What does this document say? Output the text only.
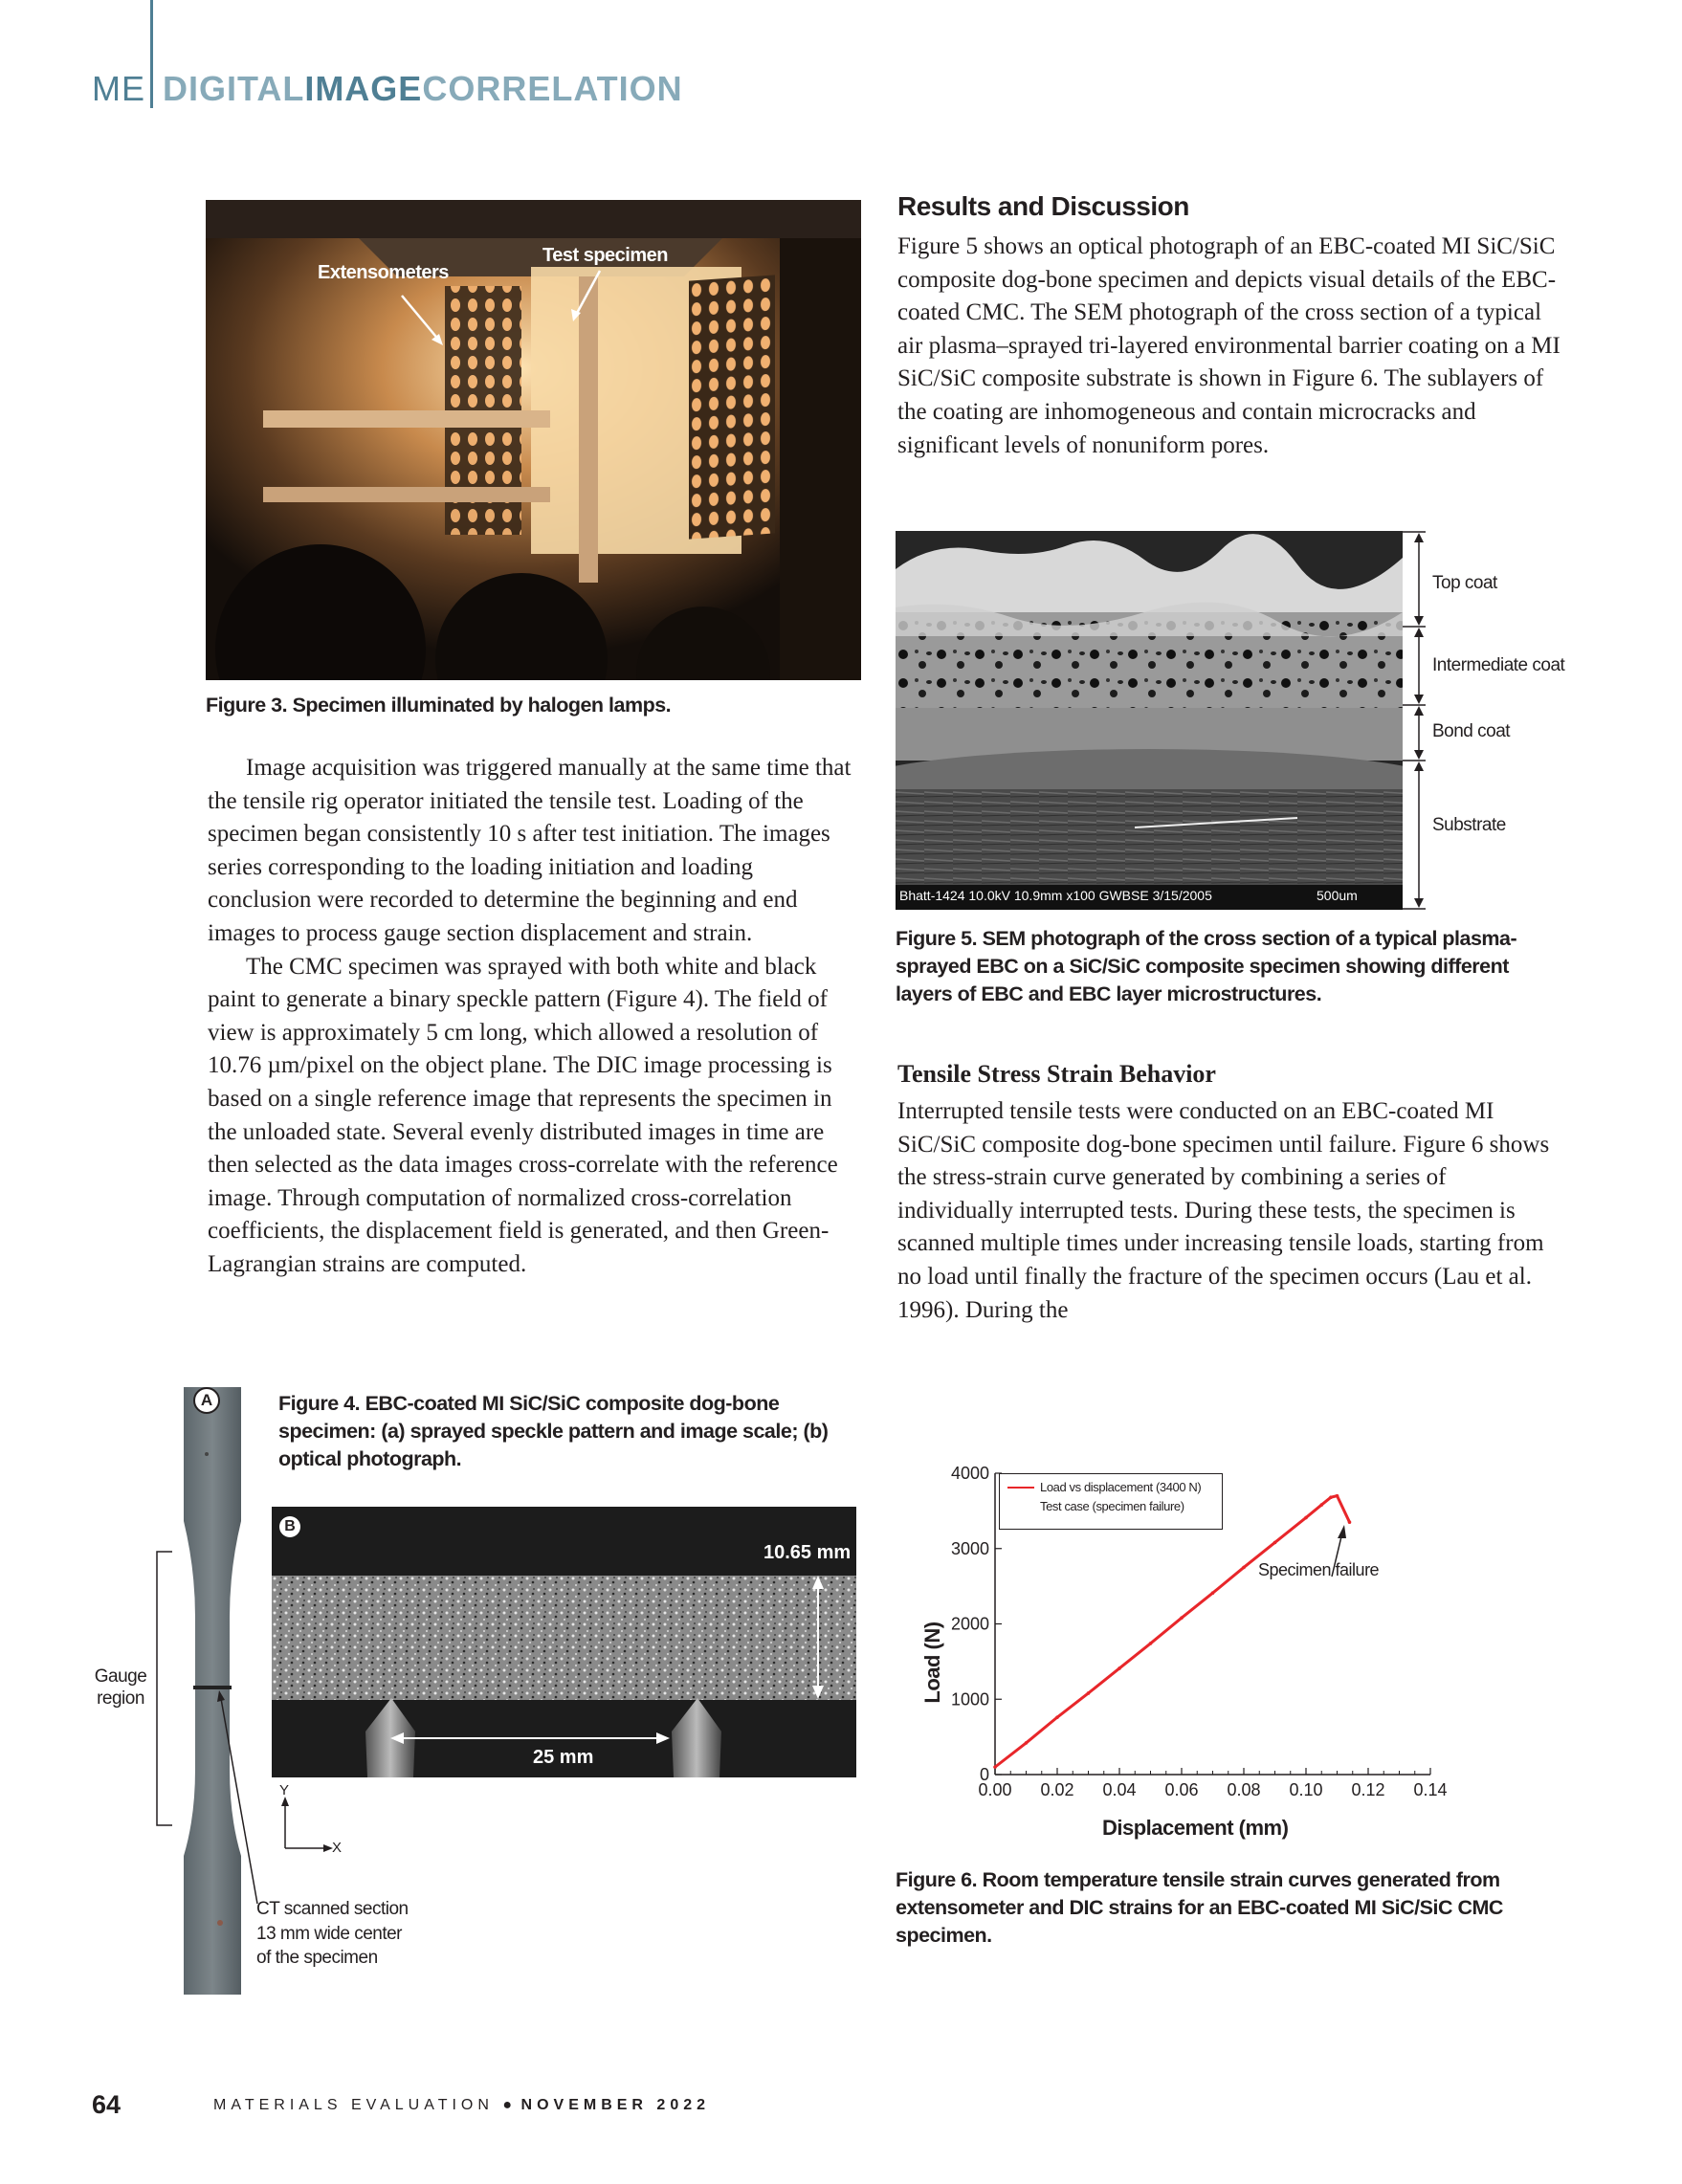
ME DIGITALIMAGECORRELATION
Extensometers
Test specimen
Figure 3. Specimen illuminated by halogen lamps.

Image acquisition was triggered manually at the same time that the tensile rig operator initiated the tensile test. Loading of the specimen began consistently 10 s after test initiation. The images series corresponding to the loading initiation and loading conclusion were recorded to determine the beginning and end images to process gauge section displacement and strain.

The CMC specimen was sprayed with both white and black paint to generate a binary speckle pattern (Figure 4). The field of view is approximately 5 cm long, which allowed a resolution of 10.76 µm/pixel on the object plane. The DIC image processing is based on a single reference image that represents the specimen in the unloaded state. Several evenly distributed images in time are then selected as the data images cross-correlate with the reference image. Through computation of normalized cross-correlation coefficients, the displacement field is generated, and then Green-Lagrangian strains are computed.

Results and Discussion
Figure 5 shows an optical photograph of an EBC-coated MI SiC/SiC composite dog-bone specimen and depicts visual details of the EBC-coated CMC. The SEM photograph of the cross section of a typical air plasma–sprayed tri-layered environmental barrier coating on a MI SiC/SiC composite substrate is shown in Figure 6. The sublayers of the coating are inhomogeneous and contain microcracks and significant levels of nonuniform pores.
Bhatt-1424 10.0kV 10.9mm x100 GWBSE 3/15/2005	500um
Top coat
Intermediate coat
Bond coat
Substrate
Figure 5. SEM photograph of the cross section of a typical plasma-sprayed EBC on a SiC/SiC composite specimen showing different layers of EBC and EBC layer microstructures.
Tensile Stress Strain Behavior
Interrupted tensile tests were conducted on an EBC-coated MI SiC/SiC composite dog-bone specimen until failure. Figure 6 shows the stress-strain curve generated by combining a series of individually interrupted tests. During these tests, the specimen is scanned multiple times under increasing tensile loads, starting from no load until finally the fracture of the specimen occurs (Lau et al. 1996). During the
A
Gauge region
CT scanned section 13 mm wide center of the specimen
Figure 4. EBC-coated MI SiC/SiC composite dog-bone specimen: (a) sprayed speckle pattern and image scale; (b) optical photograph.
B
10.65 mm
25 mm
Y
X
0.00 0.02 0.04 0.06 0.08 0.10 0.12 0.14
0
1000
2000
3000
4000
Load vs displacement (3400 N)
Test case (specimen failure)
Specimen failure
Displacement (mm)
Load (N)
Figure 6. Room temperature tensile strain curves generated from extensometer and DIC strains for an EBC-coated MI SiC/SiC CMC specimen.
64	MATERIALS EVALUATION ● NOVEMBER 2022
